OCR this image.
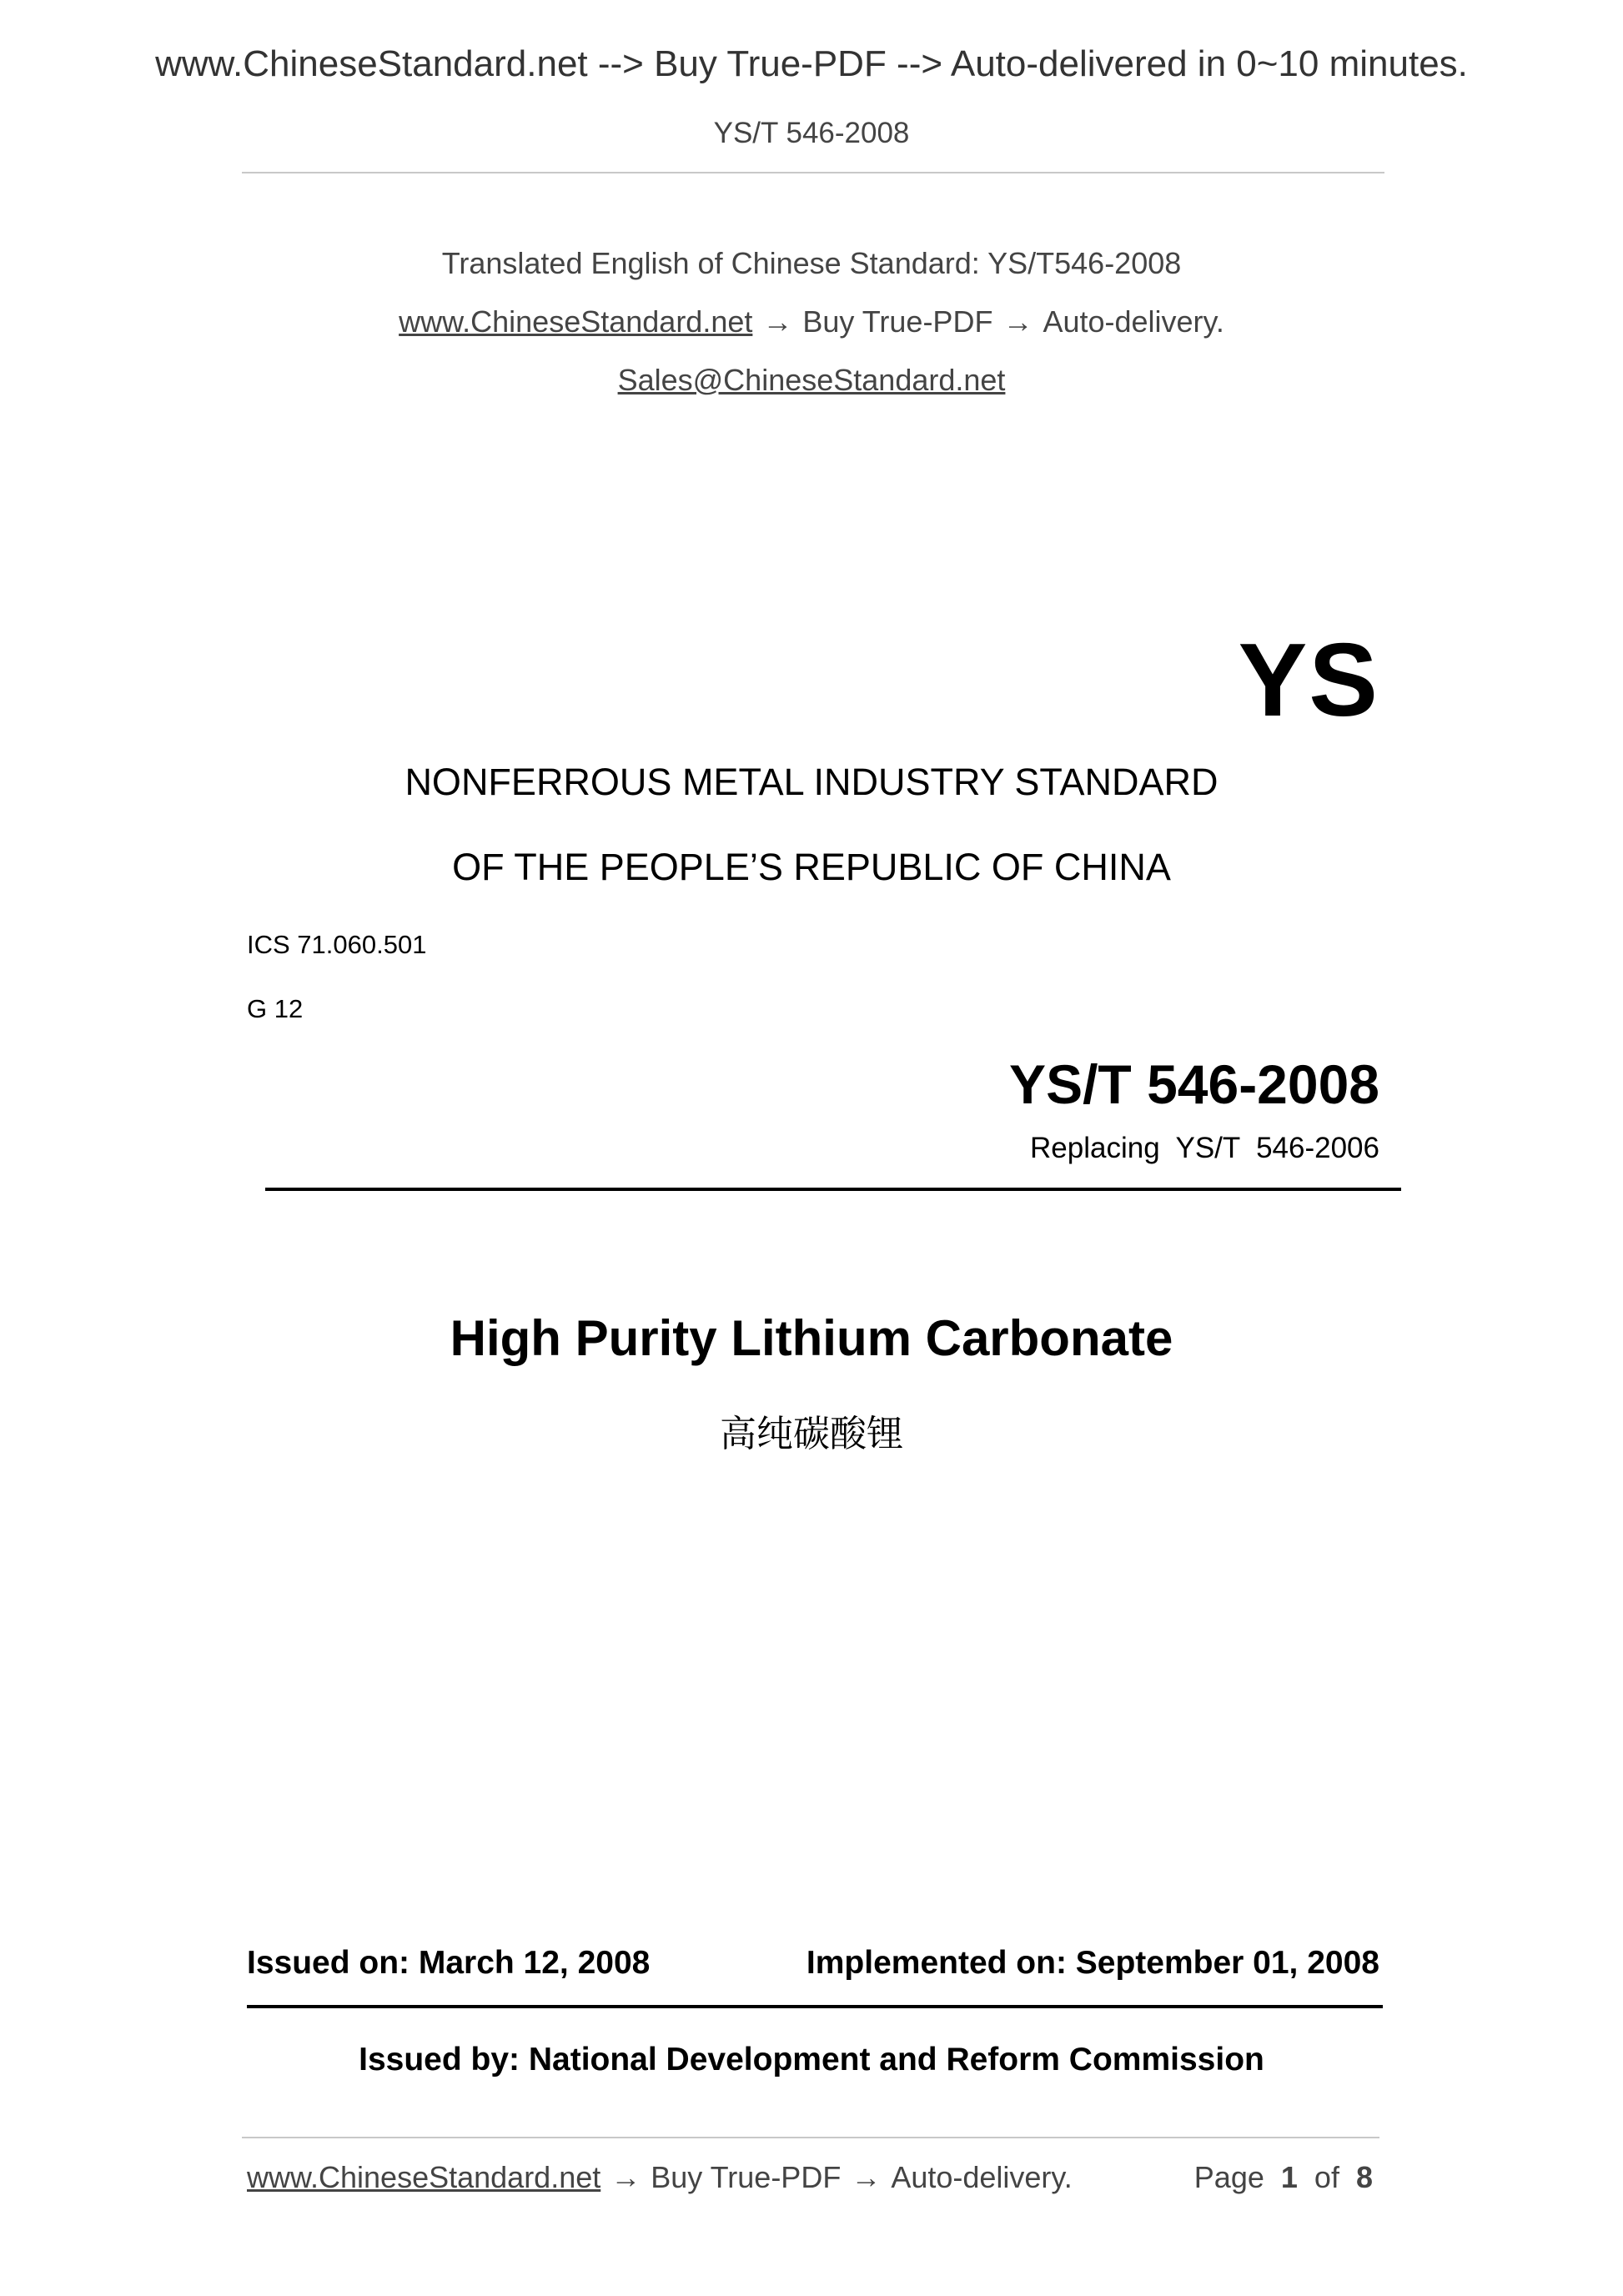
www.ChineseStandard.net --> Buy True-PDF --> Auto-delivered in 0~10 minutes.
YS/T 546-2008
Translated English of Chinese Standard: YS/T546-2008
www.ChineseStandard.net → Buy True-PDF → Auto-delivery.
Sales@ChineseStandard.net
YS
NONFERROUS METAL INDUSTRY STANDARD
OF THE PEOPLE’S REPUBLIC OF CHINA
ICS 71.060.501
G 12
YS/T 546-2008
Replacing  YS/T  546-2006
High Purity Lithium Carbonate
高纯碳酸锂
Issued on: March 12, 2008	Implemented on: September 01, 2008
Issued by: National Development and Reform Commission
www.ChineseStandard.net → Buy True-PDF → Auto-delivery.	Page 1 of 8
